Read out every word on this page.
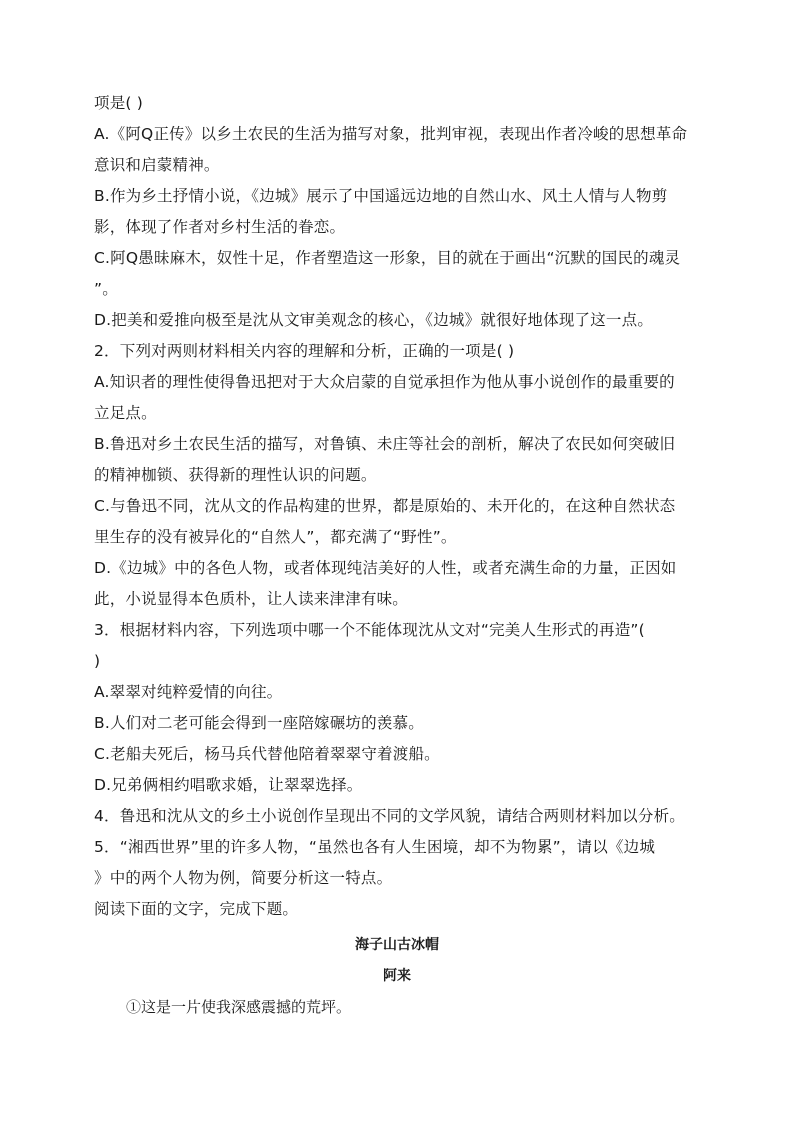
项是( )
A.《阿Q正传》以乡土农民的生活为描写对象，批判审视，表现出作者冷峻的思想革命
意识和启蒙精神。
B.作为乡土抒情小说，《边城》展示了中国遥远边地的自然山水、风土人情与人物剪
影，体现了作者对乡村生活的眷恋。
C.阿Q愚昧麻木，奴性十足，作者塑造这一形象，目的就在于画出“沉默的国民的魂灵
”。
D.把美和爱推向极至是沈从文审美观念的核心，《边城》就很好地体现了这一点。
2．下列对两则材料相关内容的理解和分析，正确的一项是( )
A.知识者的理性使得鲁迅把对于大众启蒙的自觉承担作为他从事小说创作的最重要的
立足点。
B.鲁迅对乡土农民生活的描写，对鲁镇、未庄等社会的剖析，解决了农民如何突破旧
的精神枷锁、获得新的理性认识的问题。
C.与鲁迅不同，沈从文的作品构建的世界，都是原始的、未开化的，在这种自然状态
里生存的没有被异化的“自然人”，都充满了“野性”。
D.《边城》中的各色人物，或者体现纯洁美好的人性，或者充满生命的力量，正因如
此，小说显得本色质朴，让人读来津津有味。
3．根据材料内容，下列选项中哪一个不能体现沈从文对“完美人生形式的再造”(
)
A.翠翠对纯粹爱情的向往。
B.人们对二老可能会得到一座陪嫁碾坊的羡慕。
C.老船夫死后，杨马兵代替他陪着翠翠守着渡船。
D.兄弟俩相约唱歌求婚，让翠翠选择。
4．鲁迅和沈从文的乡土小说创作呈现出不同的文学风貌，请结合两则材料加以分析。
5．“湘西世界”里的许多人物，“虽然也各有人生困境，却不为物累”，请以《边城
》中的两个人物为例，简要分析这一特点。
阅读下面的文字，完成下题。
海子山古冰帽
阿来
①这是一片使我深感震撼的荒坪。
